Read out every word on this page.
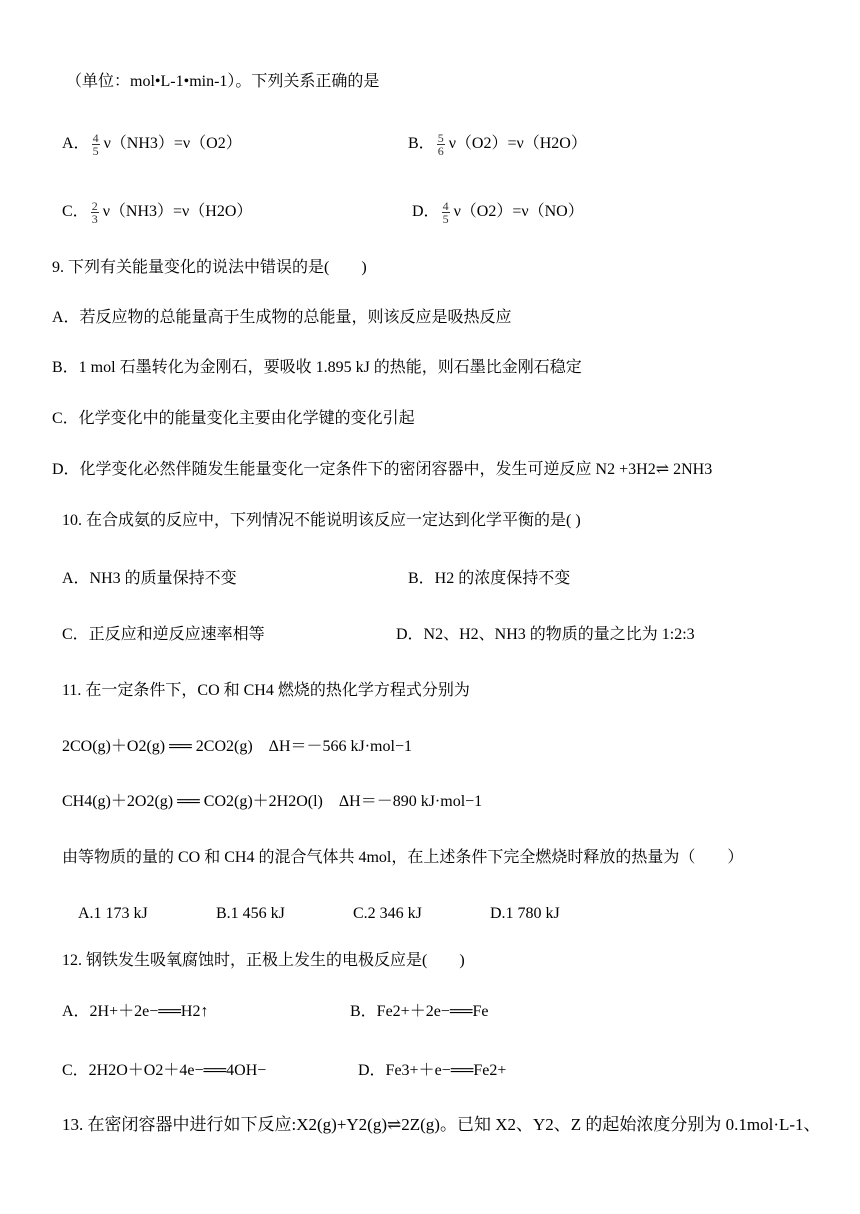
（单位：mol•L-1•min-1）。下列关系正确的是
A． $\frac{4}{5} \nu(NH3)=\nu(O2)$	B． $\frac{5}{6} \nu(O2)=\nu(H2O)$
C． $\frac{2}{3} \nu(NH3)=\nu(H2O)$	D． $\frac{4}{5} \nu(O2)=\nu(NO)$
9. 下列有关能量变化的说法中错误的是(　　)
A．若反应物的总能量高于生成物的总能量，则该反应是吸热反应
B．1 mol 石墨转化为金刚石，要吸收 1.895 kJ 的热能，则石墨比金刚石稳定
C．化学变化中的能量变化主要由化学键的变化引起
D．化学变化必然伴随发生能量变化一定条件下的密闭容器中，发生可逆反应 N2 +3H2⇌ 2NH3
10. 在合成氨的反应中，下列情况不能说明该反应一定达到化学平衡的是( )
A．NH3 的质量保持不变	B．H2 的浓度保持不变
C．正反应和逆反应速率相等	D．N2、H2、NH3 的物质的量之比为 1:2:3
11. 在一定条件下，CO 和 CH4 燃烧的热化学方程式分别为
2CO(g)＋O2(g) ══ 2CO2(g)　ΔH＝－566 kJ·mol−1
CH4(g)＋2O2(g) ══ CO2(g)＋2H2O(l)　ΔH＝－890 kJ·mol−1
由等物质的量的 CO 和 CH4 的混合气体共 4mol，在上述条件下完全燃烧时释放的热量为（　　）
A.1 173 kJ	B.1 456 kJ	C.2 346 kJ	D.1 780 kJ
12. 钢铁发生吸氧腐蚀时，正极上发生的电极反应是(　　)
A．2H+＋2e−══H2↑	B．Fe2+＋2e−══Fe
C．2H2O＋O2＋4e−══4OH−	D．Fe3+＋e−══Fe2+
13. 在密闭容器中进行如下反应:X2(g)+Y2(g)⇌2Z(g)。已知 X2、Y2、Z 的起始浓度分别为 0.1mol·L-1、
